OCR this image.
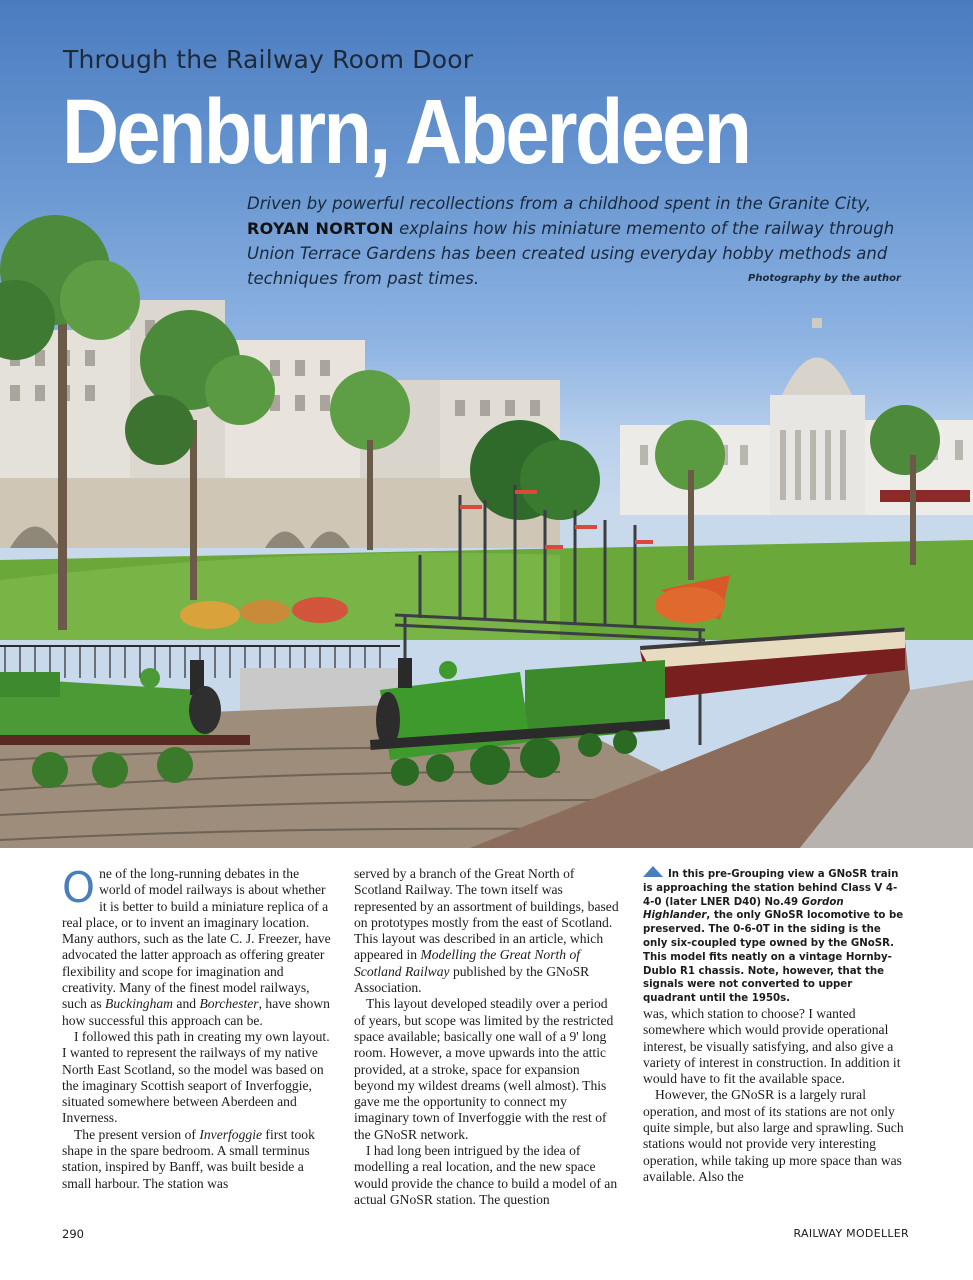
Through the Railway Room Door
Denburn, Aberdeen

Driven by powerful recollections from a childhood spent in the Granite City, ROYAN NORTON explains how his miniature memento of the railway through Union Terrace Gardens has been created using everyday hobby methods and techniques from past times.	Photography by the author

One of the long-running debates in the world of model railways is about whether it is better to build a miniature replica of a real place, or to invent an imaginary location. Many authors, such as the late C. J. Freezer, have advocated the latter approach as offering greater flexibility and scope for imagination and creativity. Many of the finest model railways, such as Buckingham and Borchester, have shown how successful this approach can be.

I followed this path in creating my own layout. I wanted to represent the railways of my native North East Scotland, so the model was based on the imaginary Scottish seaport of Inverfoggie, situated somewhere between Aberdeen and Inverness.

The present version of Inverfoggie first took shape in the spare bedroom. A small terminus station, inspired by Banff, was built beside a small harbour. The station was

served by a branch of the Great North of Scotland Railway. The town itself was represented by an assortment of buildings, based on prototypes mostly from the east of Scotland. This layout was described in an article, which appeared in Modelling the Great North of Scotland Railway published by the GNoSR Association.

This layout developed steadily over a period of years, but scope was limited by the restricted space available; basically one wall of a 9' long room. However, a move upwards into the attic provided, at a stroke, space for expansion beyond my wildest dreams (well almost). This gave me the opportunity to connect my imaginary town of Inverfoggie with the rest of the GNoSR network.

I had long been intrigued by the idea of modelling a real location, and the new space would provide the chance to build a model of an actual GNoSR station. The question

In this pre-Grouping view a GNoSR train is approaching the station behind Class V 4-4-0 (later LNER D40) No.49 Gordon Highlander, the only GNoSR locomotive to be preserved. The 0-6-0T in the siding is the only six-coupled type owned by the GNoSR. This model fits neatly on a vintage Hornby-Dublo R1 chassis. Note, however, that the signals were not converted to upper quadrant until the 1950s.

was, which station to choose? I wanted somewhere which would provide operational interest, be visually satisfying, and also give a variety of interest in construction. In addition it would have to fit the available space.

However, the GNoSR is a largely rural operation, and most of its stations are not only quite simple, but also large and sprawling. Such stations would not provide very interesting operation, while taking up more space than was available. Also the

290	RAILWAY MODELLER
